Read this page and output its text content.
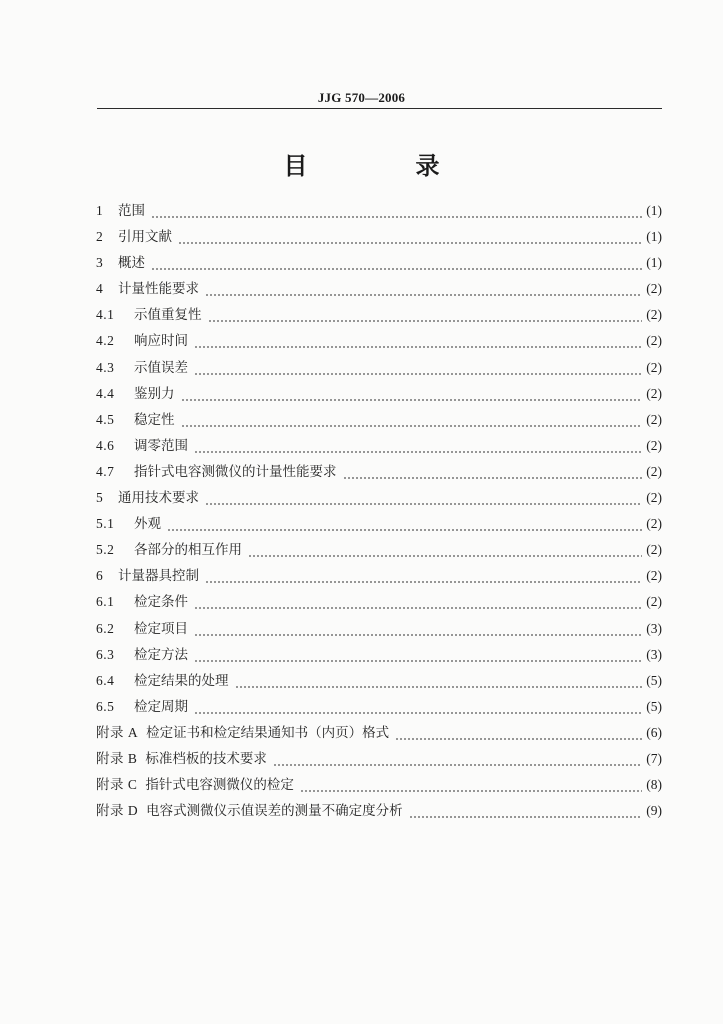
JJG 570—2006
目　录
1	范围	(1)
2	引用文献	(1)
3	概述	(1)
4	计量性能要求	(2)
4.1	示值重复性	(2)
4.2	响应时间	(2)
4.3	示值误差	(2)
4.4	鉴别力	(2)
4.5	稳定性	(2)
4.6	调零范围	(2)
4.7	指针式电容测微仪的计量性能要求	(2)
5	通用技术要求	(2)
5.1	外观	(2)
5.2	各部分的相互作用	(2)
6	计量器具控制	(2)
6.1	检定条件	(2)
6.2	检定项目	(3)
6.3	检定方法	(3)
6.4	检定结果的处理	(5)
6.5	检定周期	(5)
附录 A 检定证书和检定结果通知书（内页）格式	(6)
附录 B 标准档板的技术要求	(7)
附录 C 指针式电容测微仪的检定	(8)
附录 D 电容式测微仪示值误差的测量不确定度分析	(9)
